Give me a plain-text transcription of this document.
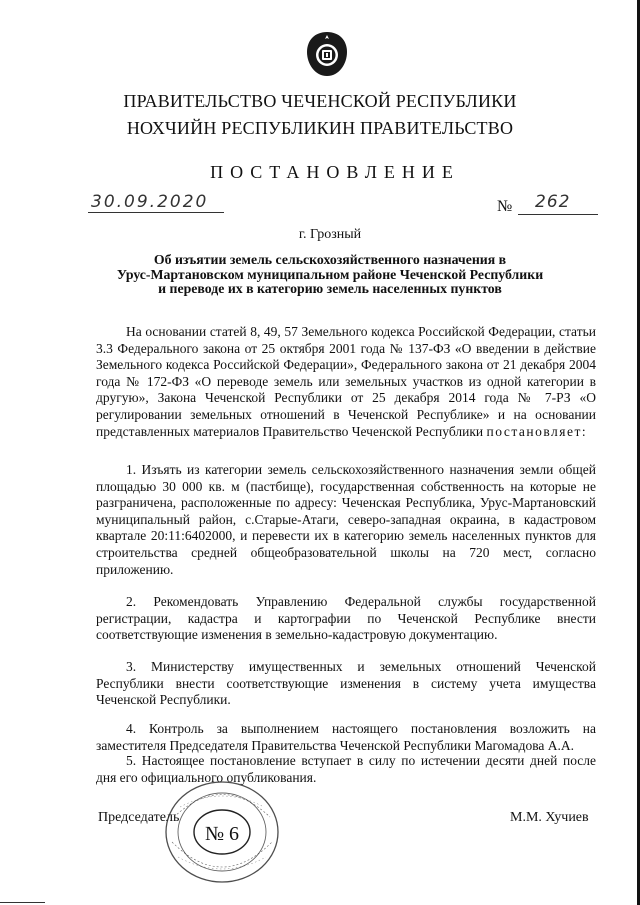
ПРАВИТЕЛЬСТВО ЧЕЧЕНСКОЙ РЕСПУБЛИКИ
НОХЧИЙН РЕСПУБЛИКИН ПРАВИТЕЛЬСТВО
ПОСТАНОВЛЕНИЕ
30.09.2020	№ 262
г. Грозный
Об изъятии земель сельскохозяйственного назначения в
Урус-Мартановском муниципальном районе Чеченской Республики
и переводе их в категорию земель населенных пунктов
На основании статей 8, 49, 57 Земельного кодекса Российской Федерации, статьи 3.3 Федерального закона от 25 октября 2001 года № 137-ФЗ «О введении в действие Земельного кодекса Российской Федерации», Федерального закона от 21 декабря 2004 года № 172-ФЗ «О переводе земель или земельных участков из одной категории в другую», Закона Чеченской Республики от 25 декабря 2014 года № 7-РЗ «О регулировании земельных отношений в Чеченской Республике» и на основании представленных материалов Правительство Чеченской Республики постановляет:
1. Изъять из категории земель сельскохозяйственного назначения земли общей площадью 30 000 кв. м (пастбище), государственная собственность на которые не разграничена, расположенные по адресу: Чеченская Республика, Урус-Мартановский муниципальный район, с.Старые-Атаги, северо-западная окраина, в кадастровом квартале 20:11:6402000, и перевести их в категорию земель населенных пунктов для строительства средней общеобразовательной школы на 720 мест, согласно приложению.
2. Рекомендовать Управлению Федеральной службы государственной регистрации, кадастра и картографии по Чеченской Республике внести соответствующие изменения в земельно-кадастровую документацию.
3. Министерству имущественных и земельных отношений Чеченской Республики внести соответствующие изменения в систему учета имущества Чеченской Республики.
4. Контроль за выполнением настоящего постановления возложить на заместителя Председателя Правительства Чеченской Республики Магомадова А.А.
5. Настоящее постановление вступает в силу по истечении десяти дней после дня его официального опубликования.
Председатель	М.М. Хучиев
№ 6
